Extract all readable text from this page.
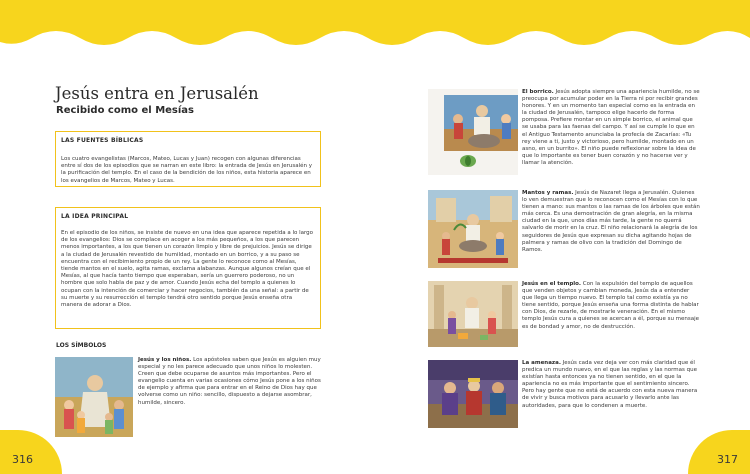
316	317
Jesús entra en Jerusalén
Recibido como el Mesías
LAS FUENTES BÍBLICAS

Los cuatro evangelistas (Marcos, Mateo, Lucas y Juan) recogen con algunas diferencias entre sí dos de los episodios que se narran en este libro: la entrada de Jesús en Jerusalén y la purificación del templo. En el caso de la bendición de los niños, esta historia aparece en los evangelios de Marcos, Mateo y Lucas.

LA IDEA PRINCIPAL

En el episodio de los niños, se insiste de nuevo en una idea que aparece repetida a lo largo de los evangelios: Dios se complace en acoger a los más pequeños, a los que parecen menos importantes, a los que tienen un corazón limpio y libre de prejuicios. Jesús se dirige a la ciudad de Jerusalén revestido de humildad, montado en un borrico, y a su paso se encuentra con el recibimiento propio de un rey. La gente lo reconoce como al Mesías, tiende mantos en el suelo, agita ramas, exclama alabanzas. Aunque algunos creían que el Mesías, al que hacía tanto tiempo que esperaban, sería un guerrero poderoso, no un hombre que solo habla de paz y de amor. Cuando Jesús echa del templo a quienes lo ocupan con la intención de comerciar y hacer negocios, también da una señal: a partir de su muerte y su resurrección el templo tendrá otro sentido porque Jesús enseña otra manera de adorar a Dios.

LOS SÍMBOLOS
Jesús y los niños. Los apóstoles saben que Jesús es alguien muy especial y no les parece adecuado que unos niños lo molesten. Creen que debe ocuparse de asuntos más importantes. Pero el evangelio cuenta en varias ocasiones cómo Jesús pone a los niños de ejemplo y afirma que para entrar en el Reino de Dios hay que volverse como un niño: sencillo, dispuesto a dejarse asombrar, humilde, sincero.
El borrico. Jesús adopta siempre una apariencia humilde, no se preocupa por acumular poder en la Tierra ni por recibir grandes honores. Y en un momento tan especial como es la entrada en la ciudad de Jerusalén, tampoco elige hacerlo de forma pomposa. Prefiere montar en un simple borrico, el animal que se usaba para las faenas del campo. Y así se cumple lo que en el Antiguo Testamento anunciaba la profecía de Zacarías: «Tu rey viene a ti, justo y victorioso, pero humilde, montado en un asno, en un burrito». El niño puede reflexionar sobre la idea de que lo importante es tener buen corazón y no hacerse ver y llamar la atención.
Mantos y ramas. Jesús de Nazaret llega a Jerusalén. Quienes lo ven demuestran que lo reconocen como el Mesías con lo que tienen a mano: sus mantos o las ramas de los árboles que están más cerca. Es una demostración de gran alegría, en la misma ciudad en la que, unos días más tarde, la gente no querrá salvarlo de morir en la cruz. El niño relacionará la alegría de los seguidores de Jesús que expresan su dicha agitando hojas de palmera y ramas de olivo con la tradición del Domingo de Ramos.
Jesús en el templo. Con la expulsión del templo de aquellos que venden objetos y cambian moneda, Jesús da a entender que llega un tiempo nuevo. El templo tal como existía ya no tiene sentido, porque Jesús enseña una forma distinta de hablar con Dios, de rezarle, de mostrarle veneración. En el mismo templo Jesús cura a quienes se acercan a él, porque su mensaje es de bondad y amor, no de destrucción.
La amenaza. Jesús cada vez deja ver con más claridad que él predica un mundo nuevo, en el que las reglas y las normas que existían hasta entonces ya no tienen sentido, en el que la apariencia no es más importante que el sentimiento sincero. Pero hay gente que no está de acuerdo con esta nueva manera de vivir y busca motivos para acusarlo y llevarlo ante las autoridades, para que lo condenen a muerte.
